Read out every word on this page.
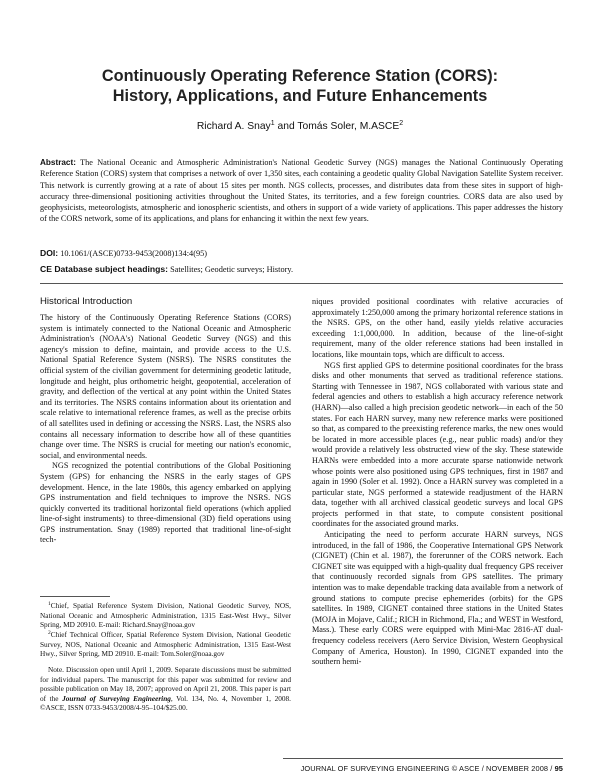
Continuously Operating Reference Station (CORS):
History, Applications, and Future Enhancements
Richard A. Snay$^1$ and Tomás Soler, M.ASCE$^2$
Abstract: The National Oceanic and Atmospheric Administration's National Geodetic Survey (NGS) manages the National Continuously Operating Reference Station (CORS) system that comprises a network of over 1,350 sites, each containing a geodetic quality Global Navigation Satellite System receiver. This network is currently growing at a rate of about 15 sites per month. NGS collects, processes, and distributes data from these sites in support of high-accuracy three-dimensional positioning activities throughout the United States, its territories, and a few foreign countries. CORS data are also used by geophysicists, meteorologists, atmospheric and ionospheric scientists, and others in support of a wide variety of applications. This paper addresses the history of the CORS network, some of its applications, and plans for enhancing it within the next few years.
DOI: 10.1061/(ASCE)0733-9453(2008)134:4(95)
CE Database subject headings: Satellites; Geodetic surveys; History.
Historical Introduction

The history of the Continuously Operating Reference Stations (CORS) system is intimately connected to the National Oceanic and Atmospheric Administration's (NOAA's) National Geodetic Survey (NGS) and this agency's mission to define, maintain, and provide access to the U.S. National Spatial Reference System (NSRS). The NSRS constitutes the official system of the civilian government for determining geodetic latitude, longitude and height, plus orthometric height, geopotential, acceleration of gravity, and deflection of the vertical at any point within the United States and its territories. The NSRS contains information about its orientation and scale relative to international reference frames, as well as the precise orbits of all satellites used in defining or accessing the NSRS. Last, the NSRS also contains all necessary information to describe how all of these quantities change over time. The NSRS is crucial for meeting our nation's economic, social, and environmental needs.

NGS recognized the potential contributions of the Global Positioning System (GPS) for enhancing the NSRS in the early stages of GPS development. Hence, in the late 1980s, this agency embarked on applying GPS instrumentation and field techniques to improve the NSRS. NGS quickly converted its traditional horizontal field operations (which applied line-of-sight instruments) to three-dimensional (3D) field operations using GPS instrumentation. Snay (1989) reported that traditional line-of-sight tech-

$^1$Chief, Spatial Reference System Division, National Geodetic Survey, NOS, National Oceanic and Atmospheric Administration, 1315 East-West Hwy., Silver Spring, MD 20910. E-mail: Richard.Snay@noaa.gov

$^2$Chief Technical Officer, Spatial Reference System Division, National Geodetic Survey, NOS, National Oceanic and Atmospheric Administration, 1315 East-West Hwy., Silver Spring, MD 20910. E-mail: Tom.Soler@noaa.gov

Note. Discussion open until April 1, 2009. Separate discussions must be submitted for individual papers. The manuscript for this paper was submitted for review and possible publication on May 18, 2007; approved on April 21, 2008. This paper is part of the Journal of Surveying Engineering, Vol. 134, No. 4, November 1, 2008. ©ASCE, ISSN 0733-9453/2008/4-95–104/$25.00.

niques provided positional coordinates with relative accuracies of approximately 1:250,000 among the primary horizontal reference stations in the NSRS. GPS, on the other hand, easily yields relative accuracies exceeding 1:1,000,000. In addition, because of the line-of-sight requirement, many of the older reference stations had been installed in locations, like mountain tops, which are difficult to access.

NGS first applied GPS to determine positional coordinates for the brass disks and other monuments that served as traditional reference stations. Starting with Tennessee in 1987, NGS collaborated with various state and federal agencies and others to establish a high accuracy reference network (HARN)—also called a high precision geodetic network—in each of the 50 states. For each HARN survey, many new reference marks were positioned so that, as compared to the preexisting reference marks, the new ones would be located in more accessible places (e.g., near public roads) and/or they would provide a relatively less obstructed view of the sky. These statewide HARNs were embedded into a more accurate sparse nationwide network whose points were also positioned using GPS techniques, first in 1987 and again in 1990 (Soler et al. 1992). Once a HARN survey was completed in a particular state, NGS performed a statewide readjustment of the HARN data, together with all archived classical geodetic surveys and local GPS projects performed in that state, to compute consistent positional coordinates for the associated ground marks.

Anticipating the need to perform accurate HARN surveys, NGS introduced, in the fall of 1986, the Cooperative International GPS Network (CIGNET) (Chin et al. 1987), the forerunner of the CORS network. Each CIGNET site was equipped with a high-quality dual frequency GPS receiver that continuously recorded signals from GPS satellites. The primary intention was to make dependable tracking data available from a network of ground stations to compute precise ephemerides (orbits) for the GPS satellites. In 1989, CIGNET contained three stations in the United States (MOJA in Mojave, Calif.; RICH in Richmond, Fla.; and WEST in Westford, Mass.). These early CORS were equipped with Mini-Mac 2816-AT dual-frequency codeless receivers (Aero Service Division, Western Geophysical Company of America, Houston). In 1990, CIGNET expanded into the southern hemi-

JOURNAL OF SURVEYING ENGINEERING © ASCE / NOVEMBER 2008 / 95
